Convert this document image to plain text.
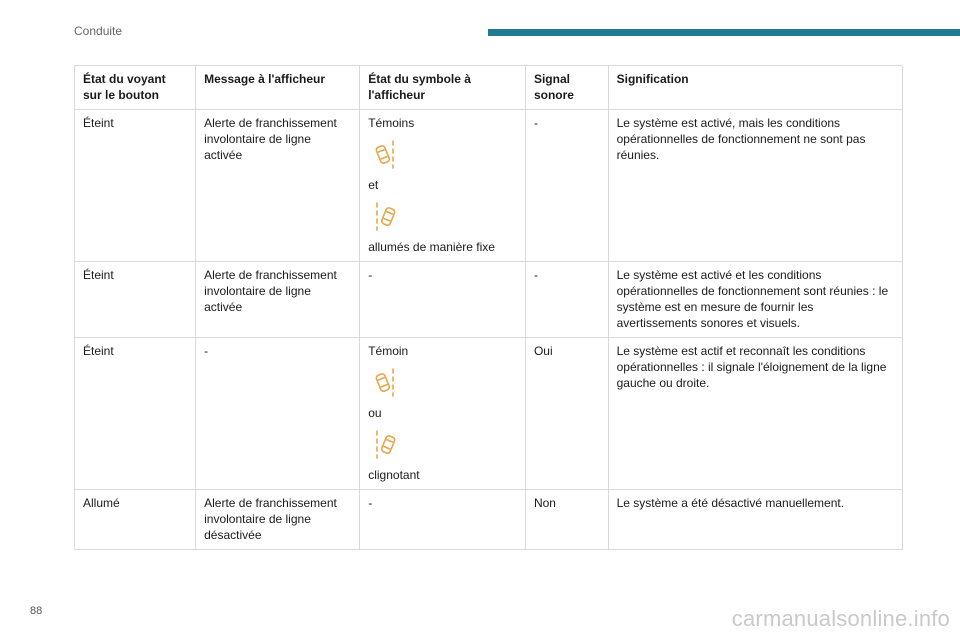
Conduite
État du voyant sur le bouton	Message à l'afficheur	État du symbole à l'afficheur	Signal sonore	Signification
Éteint	Alerte de franchissement involontaire de ligne activée	Témoins
et
allumés de manière fixe	-	Le système est activé, mais les conditions opérationnelles de fonctionnement ne sont pas réunies.
Éteint	Alerte de franchissement involontaire de ligne activée	-	-	Le système est activé et les conditions opérationnelles de fonctionnement sont réunies : le système est en mesure de fournir les avertissements sonores et visuels.
Éteint	-	Témoin
ou
clignotant	Oui	Le système est actif et reconnaît les conditions opérationnelles : il signale l'éloignement de la ligne gauche ou droite.
Allumé	Alerte de franchissement involontaire de ligne désactivée	-	Non	Le système a été désactivé manuellement.
88	carmanualsonline.info
